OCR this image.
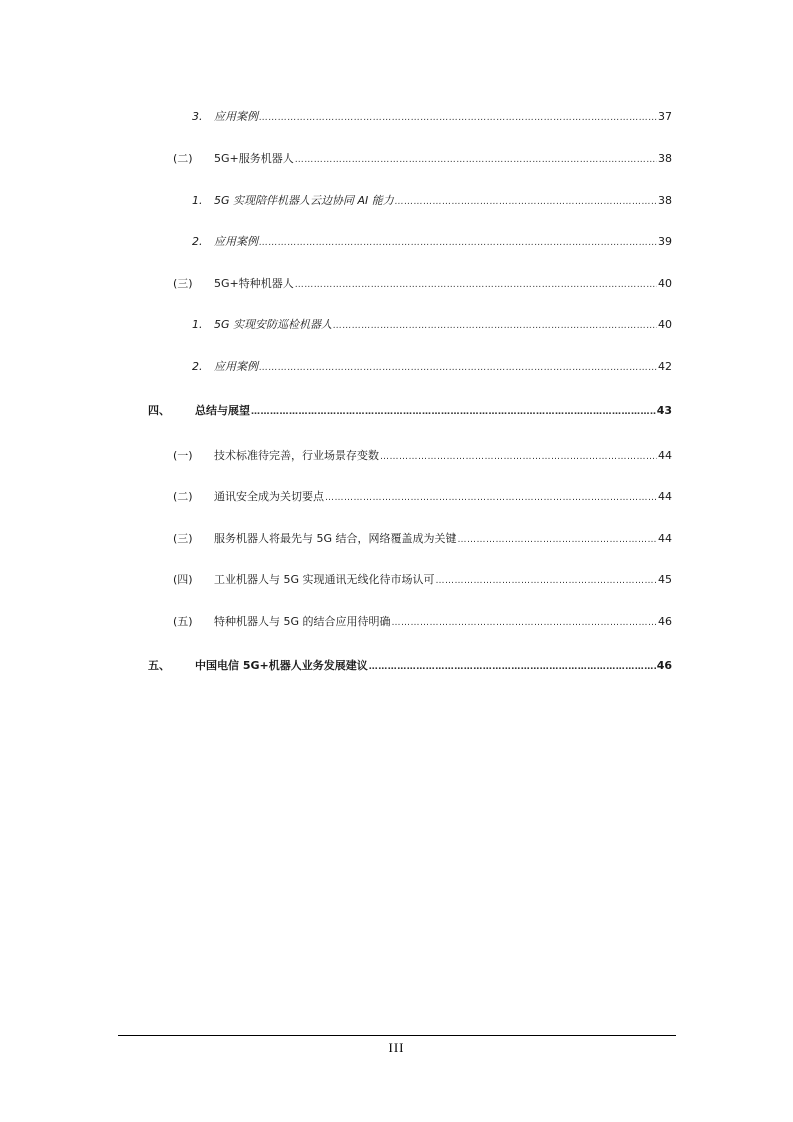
3.	应用案例 ………………………………………………………………………………………………………………………………………………………………………………………………………………………………………………………………………………………………………	37
(二)	5G+服务机器人 ………………………………………………………………………………………………………………………………………………………………………………………………………………………………………………………………………………………………………	38
1.	5G 实现陪伴机器人云边协同 AI 能力 ………………………………………………………………………………………………………………………………………………………………………………………………………………………………………………………………………………………………………	38
2.	应用案例 ………………………………………………………………………………………………………………………………………………………………………………………………………………………………………………………………………………………………………	39
(三)	5G+特种机器人 ………………………………………………………………………………………………………………………………………………………………………………………………………………………………………………………………………………………………………	40
1.	5G 实现安防巡检机器人 ………………………………………………………………………………………………………………………………………………………………………………………………………………………………………………………………………………………………………	40
2.	应用案例 ………………………………………………………………………………………………………………………………………………………………………………………………………………………………………………………………………………………………………	42
四、	总结与展望 ………………………………………………………………………………………………………………………………………………………………………………………………………………………………………………………………………………………………………	43
(一)	技术标准待完善，行业场景存变数 ………………………………………………………………………………………………………………………………………………………………………………………………………………………………………………………………………………………………………	44
(二)	通讯安全成为关切要点 ………………………………………………………………………………………………………………………………………………………………………………………………………………………………………………………………………………………………………	44
(三)	服务机器人将最先与 5G 结合，网络覆盖成为关键 ………………………………………………………………………………………………………………………………………………………………………………………………………………………………………………………………………………………………………	44
(四)	工业机器人与 5G 实现通讯无线化待市场认可 ………………………………………………………………………………………………………………………………………………………………………………………………………………………………………………………………………………………………………	45
(五)	特种机器人与 5G 的结合应用待明确 ………………………………………………………………………………………………………………………………………………………………………………………………………………………………………………………………………………………………………	46
五、	中国电信 5G+机器人业务发展建议 ………………………………………………………………………………………………………………………………………………………………………………………………………………………………………………………………………………………………………	46
III
